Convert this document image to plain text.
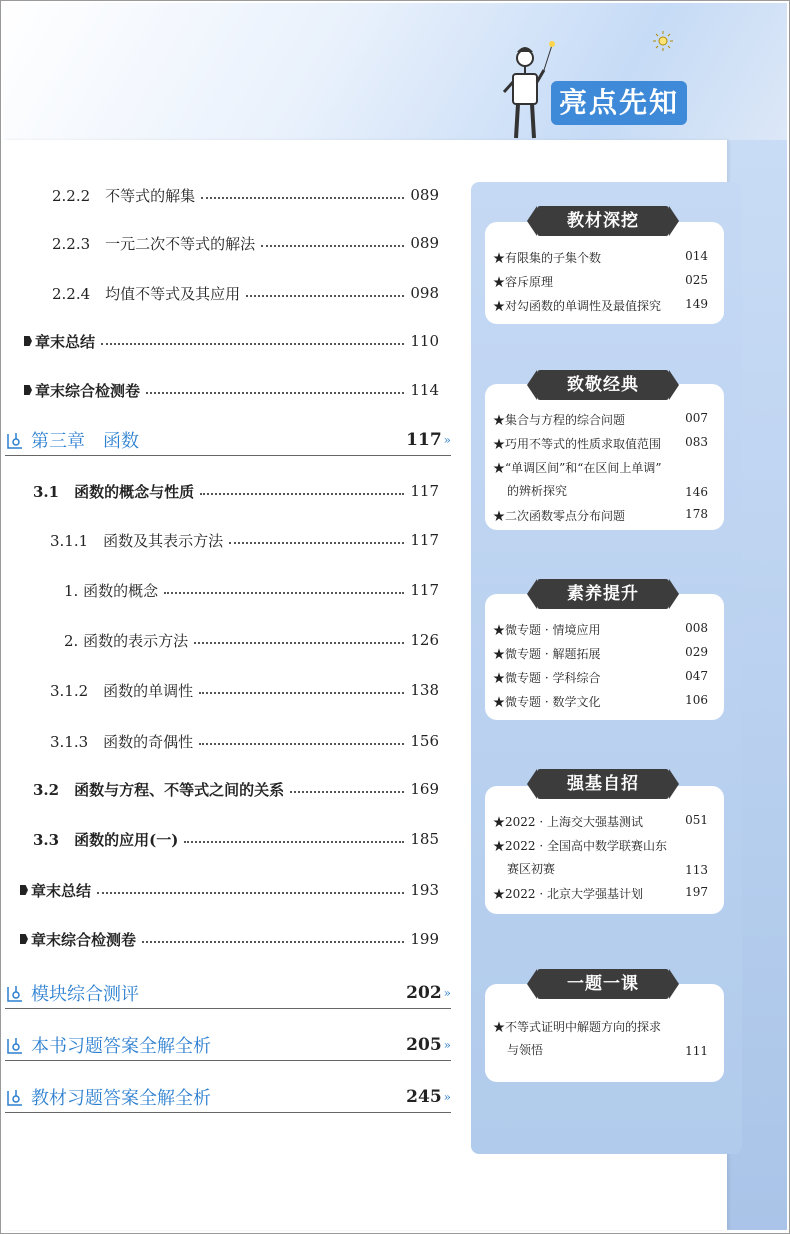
亮点先知
2.2.2　不等式的解集	089
2.2.3　一元二次不等式的解法	089
2.2.4　均值不等式及其应用	098
章末总结	110
章末综合检测卷	114
第三章　函数	117 »
3.1　函数的概念与性质	117
3.1.1　函数及其表示方法	117
1. 函数的概念	117
2. 函数的表示方法	126
3.1.2　函数的单调性	138
3.1.3　函数的奇偶性	156
3.2　函数与方程、不等式之间的关系	169
3.3　函数的应用(一)	185
章末总结	193
章末综合检测卷	199
模块综合测评	202 »
本书习题答案全解全析	205 »
教材习题答案全解全析	245 »
教材深挖
★有限集的子集个数	014
★容斥原理	025
★对勾函数的单调性及最值探究	149
致敬经典
★集合与方程的综合问题	007
★巧用不等式的性质求取值范围	083
★“单调区间”和“在区间上单调”
的辨析探究	146
★二次函数零点分布问题	178
素养提升
★微专题 · 情境应用	008
★微专题 · 解题拓展	029
★微专题 · 学科综合	047
★微专题 · 数学文化	106
强基自招
★2022 · 上海交大强基测试	051
★2022 · 全国高中数学联赛山东
赛区初赛	113
★2022 · 北京大学强基计划	197
一题一课
★不等式证明中解题方向的探求
与领悟	111
